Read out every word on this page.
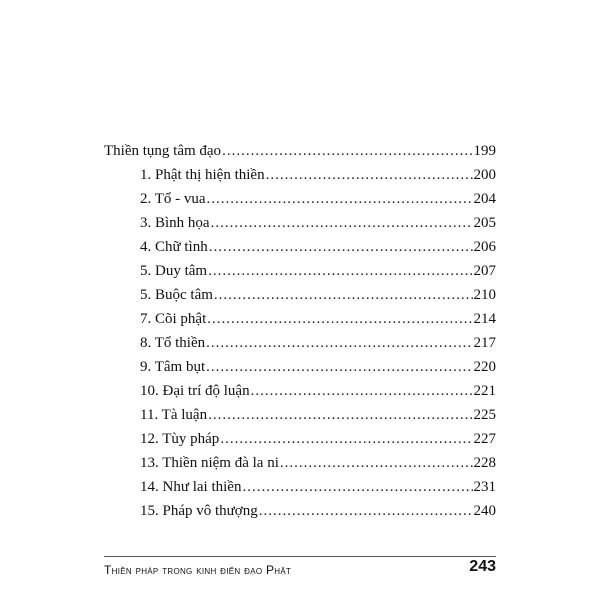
Thiền tụng tâm đạo .....	199
1. Phật thị hiện thiền .....	200
2. Tổ - vua .....	204
3. Bình họa .....	205
4. Chữ tình .....	206
5. Duy tâm .....	207
5. Buộc tâm .....	210
7. Cõi phật .....	214
8. Tổ thiền .....	217
9. Tâm bụt .....	220
10. Đại trí độ luận .....	221
11. Tà luận .....	225
12. Tùy pháp .....	227
13. Thiền niệm đà la ni .....	228
14. Như lai thiền .....	231
15. Pháp vô thượng .....	240
Thiền pháp trong kinh điển đạo Phật	243
